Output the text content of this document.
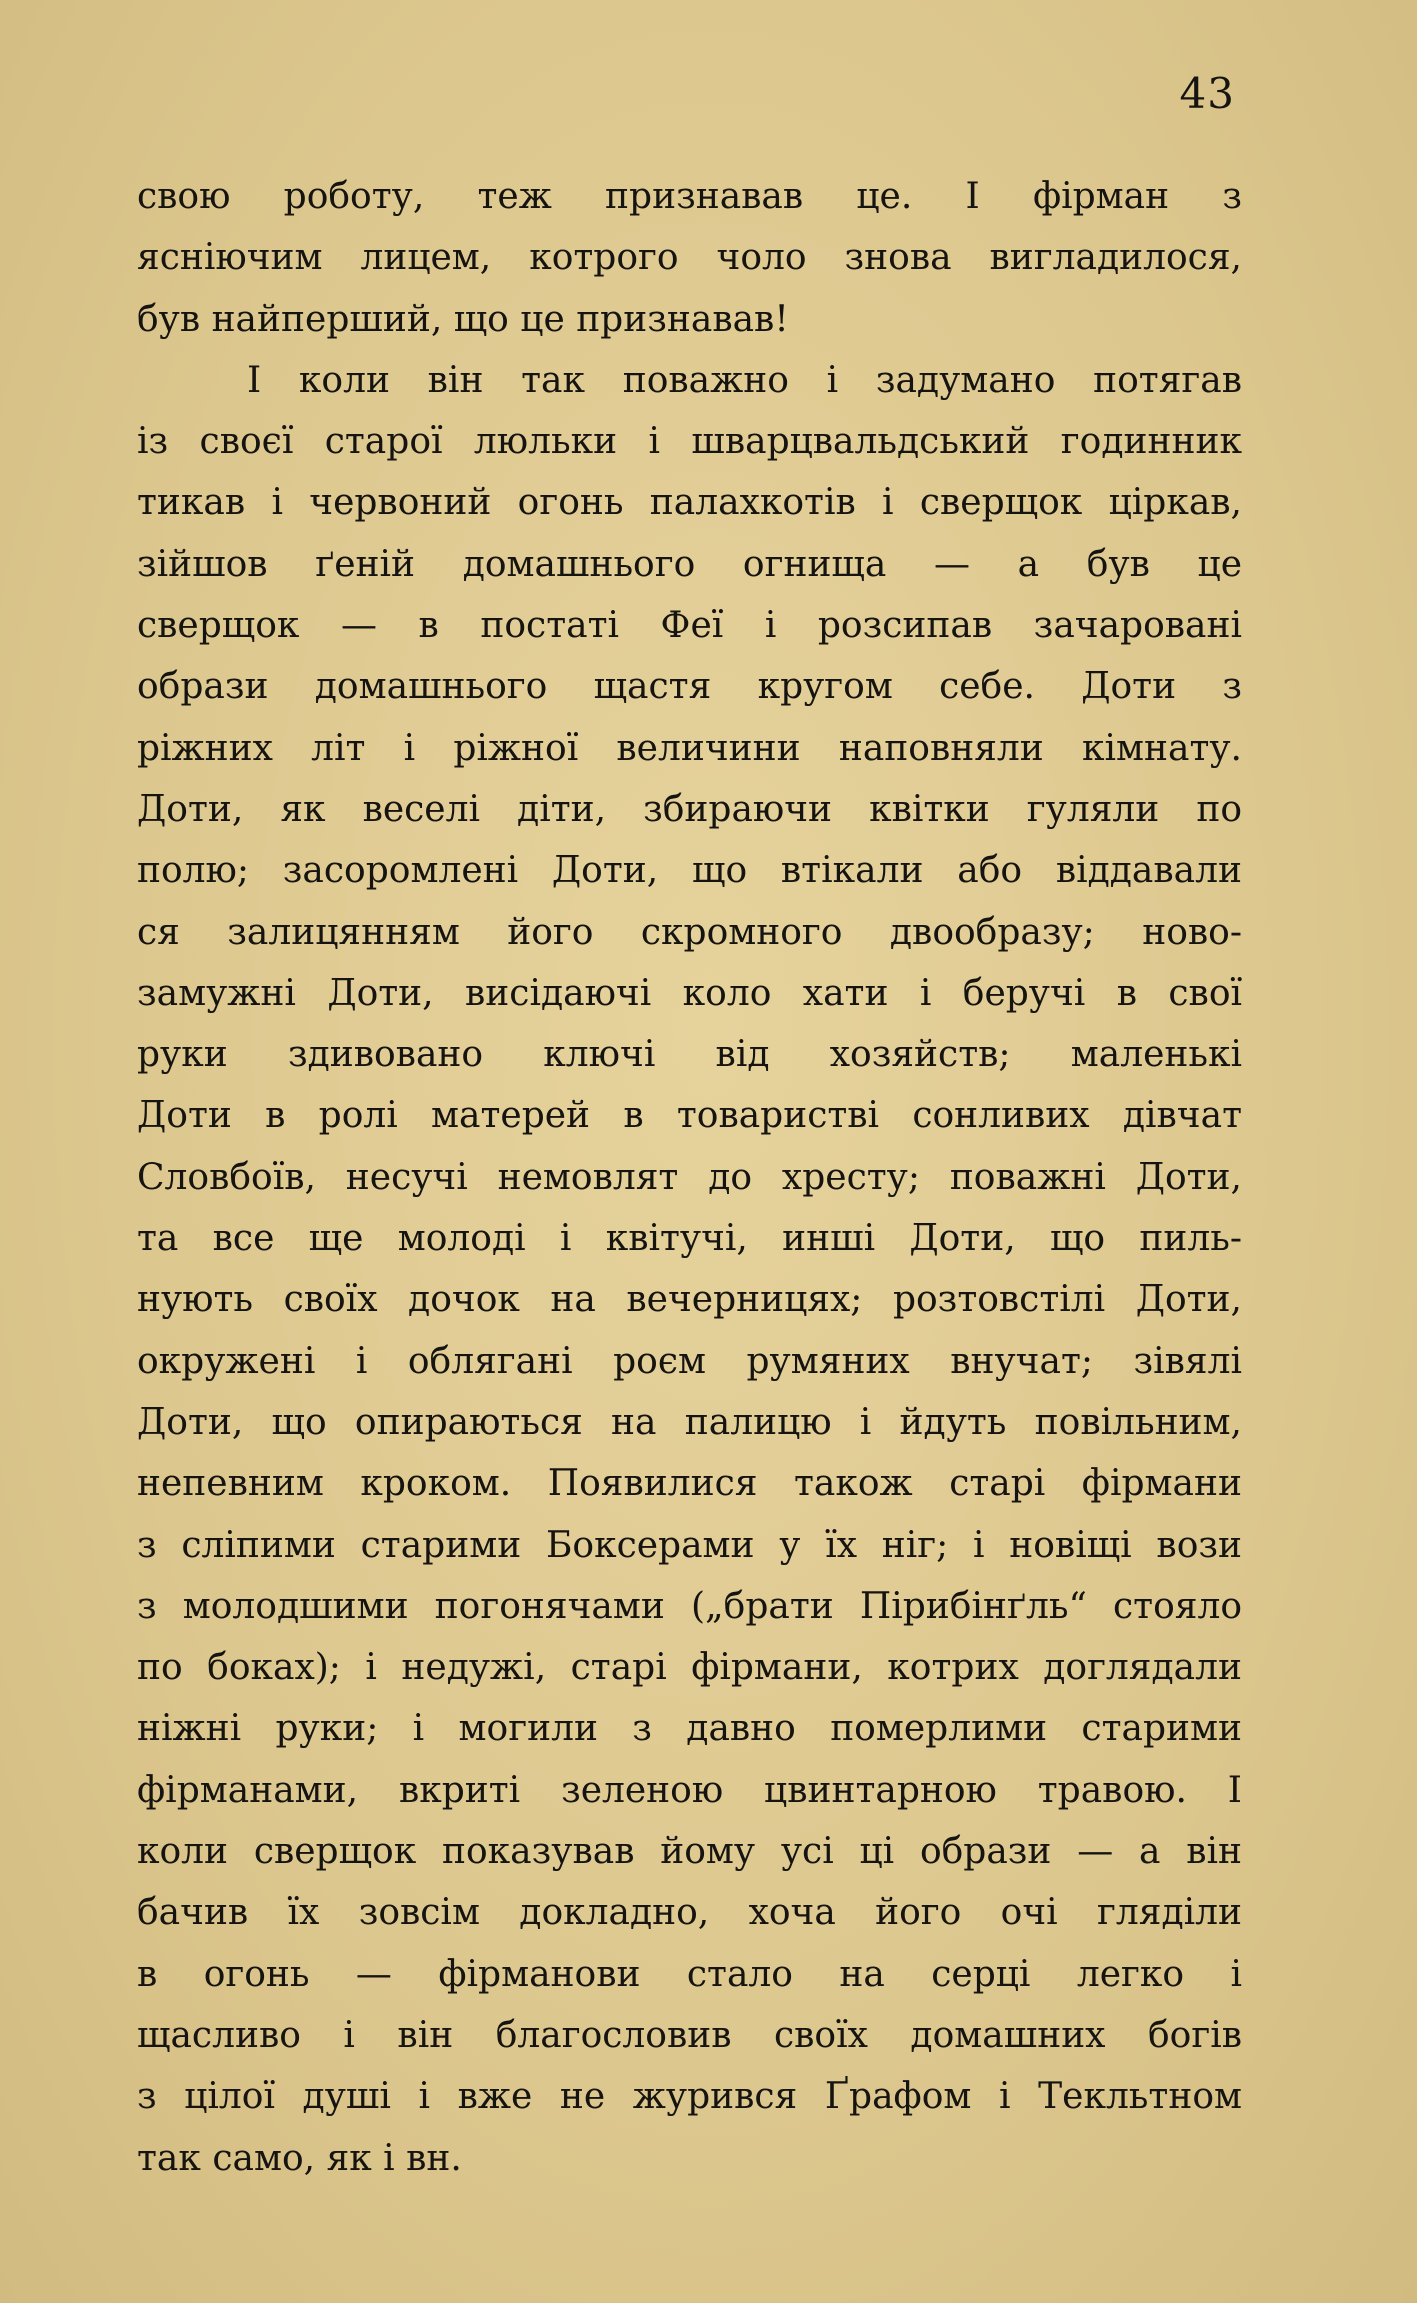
43
свою роботу, теж признавав це. І фірман з
яснiючим лицем, котрого чоло знова вигладилося,
був найперший, що це признавав!
І коли він так поважно і задумано потягав
із своєї старої люльки і шварцвальдський годинник
тикав і червоний огонь палахкотів і сверщок цiркав,
зійшов ґеній домашнього огнища — а був це
сверщок — в постаті Феї і розсипав зачаровані
образи домашнього щастя кругом себе. Доти з
ріжних літ і ріжної величини наповняли кімнату.
Доти, як веселі діти, збираючи квітки гуляли по
полю; засоромлені Доти, що втікали або віддавали
ся залицянням його скромного двообразу; ново-
замужні Доти, висідаючі коло хати і беручі в свої
руки здивовано ключі від хозяйств; маленькі
Доти в ролі матерей в товаристві сонливих дівчат
Словбоїв, несучі немовлят до хресту; поважні Доти,
та все ще молоді і квітучі, инші Доти, що пиль-
нують своїх дочок на вечерницях; розтовстілі Доти,
окружені і облягані роєм румяних внучат; зівялі
Доти, що опираються на палицю і йдуть повільним,
непевним кроком. Появилися також старі фірмани
з сліпими старими Боксерами у їх ніг; і новiщі вози
з молодшими погонячами („брати Пірибінґль“ стояло
по боках); і недужі, старі фірмани, котрих доглядали
ніжні руки; і могили з давно померлими старими
фірманами, вкриті зеленою цвинтарною травою. І
коли сверщок показував йому усі ці образи — а він
бачив їх зовсім докладно, хоча його очі гляділи
в огонь — фірманови стало на серці легко і
щасливо і він благословив своїх домашних богів
з цілої душі і вже не журився Ґрафом і Текльтном
так само, як і вн.
